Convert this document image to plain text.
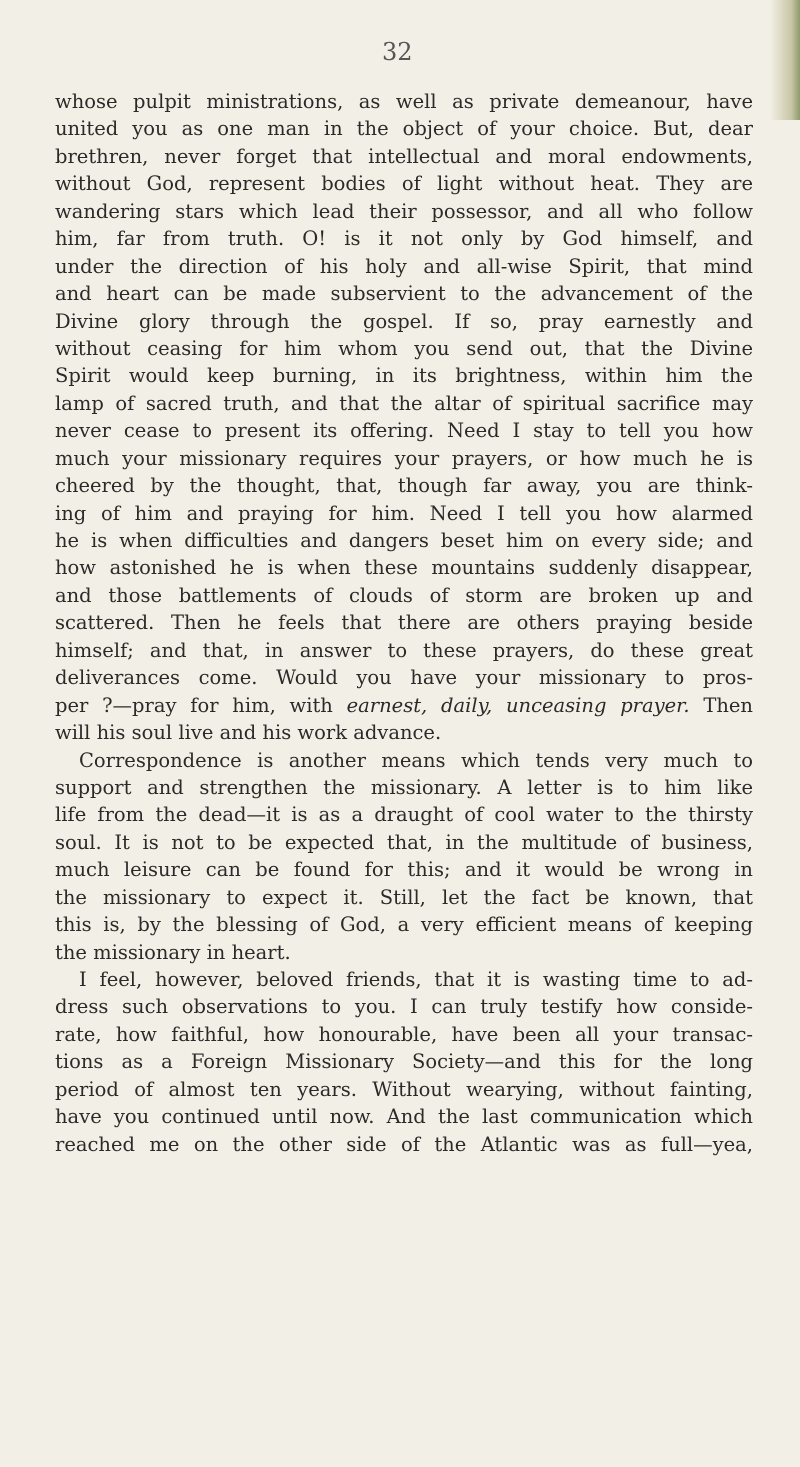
32
whose pulpit ministrations, as well as private demeanour, have
united you as one man in the object of your choice. But, dear
brethren, never forget that intellectual and moral endowments,
without God, represent bodies of light without heat. They are
wandering stars which lead their possessor, and all who follow
him, far from truth. O! is it not only by God himself, and
under the direction of his holy and all-wise Spirit, that mind
and heart can be made subservient to the advancement of the
Divine glory through the gospel. If so, pray earnestly and
without ceasing for him whom you send out, that the Divine
Spirit would keep burning, in its brightness, within him the
lamp of sacred truth, and that the altar of spiritual sacrifice may
never cease to present its offering. Need I stay to tell you how
much your missionary requires your prayers, or how much he is
cheered by the thought, that, though far away, you are think-
ing of him and praying for him. Need I tell you how alarmed
he is when difficulties and dangers beset him on every side; and
how astonished he is when these mountains suddenly disappear,
and those battlements of clouds of storm are broken up and
scattered. Then he feels that there are others praying beside
himself; and that, in answer to these prayers, do these great
deliverances come. Would you have your missionary to pros-
per ?—pray for him, with earnest, daily, unceasing prayer. Then
will his soul live and his work advance.
Correspondence is another means which tends very much to
support and strengthen the missionary. A letter is to him like
life from the dead—it is as a draught of cool water to the thirsty
soul. It is not to be expected that, in the multitude of business,
much leisure can be found for this; and it would be wrong in
the missionary to expect it. Still, let the fact be known, that
this is, by the blessing of God, a very efficient means of keeping
the missionary in heart.
I feel, however, beloved friends, that it is wasting time to ad-
dress such observations to you. I can truly testify how conside-
rate, how faithful, how honourable, have been all your transac-
tions as a Foreign Missionary Society—and this for the long
period of almost ten years. Without wearying, without fainting,
have you continued until now. And the last communication which
reached me on the other side of the Atlantic was as full—yea,
